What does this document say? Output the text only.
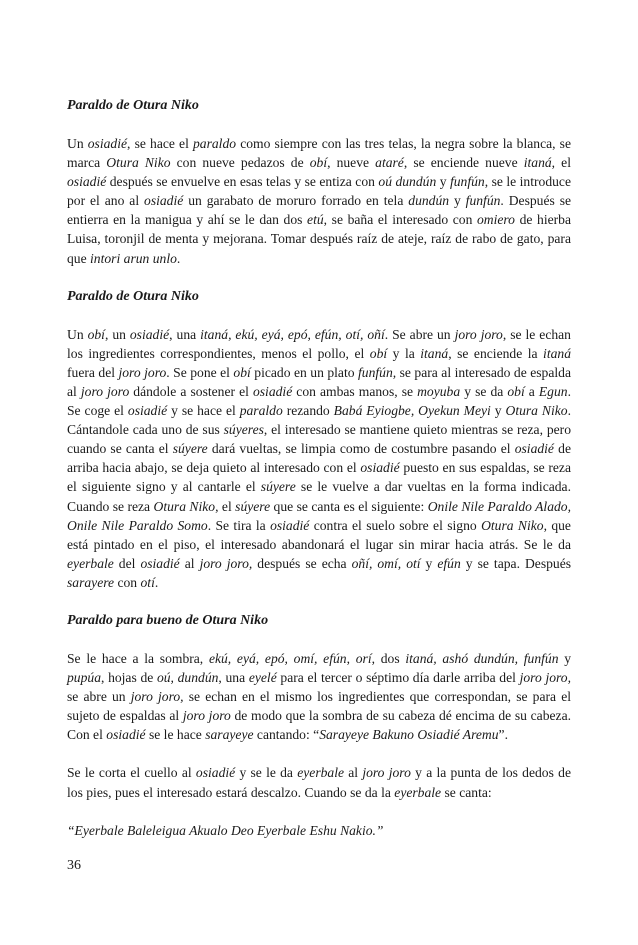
Paraldo de Otura Niko

Un osiadié, se hace el paraldo como siempre con las tres telas, la negra sobre la blanca, se marca Otura Niko con nueve pedazos de obí, nueve ataré, se enciende nueve itaná, el osiadié después se envuelve en esas telas y se entiza con oú dundún y funfún, se le introduce por el ano al osiadié un garabato de moruro forrado en tela dundún y funfún. Después se entierra en la manigua y ahí se le dan dos etú, se baña el interesado con omiero de hierba Luisa, toronjil de menta y mejorana. Tomar después raíz de ateje, raíz de rabo de gato, para que intori arun unlo.

Paraldo de Otura Niko

Un obí, un osiadié, una itaná, ekú, eyá, epó, efún, otí, oñí. Se abre un joro joro, se le echan los ingredientes correspondientes, menos el pollo, el obí y la itaná, se enciende la itaná fuera del joro joro. Se pone el obí picado en un plato funfún, se para al interesado de espalda al joro joro dándole a sostener el osiadié con ambas manos, se moyuba y se da obí a Egun. Se coge el osiadié y se hace el paraldo rezando Babá Eyiogbe, Oyekun Meyi y Otura Niko. Cántandole cada uno de sus súyeres, el interesado se mantiene quieto mientras se reza, pero cuando se canta el súyere dará vueltas, se limpia como de costumbre pasando el osiadié de arriba hacia abajo, se deja quieto al interesado con el osiadié puesto en sus espaldas, se reza el siguiente signo y al cantarle el súyere se le vuelve a dar vueltas en la forma indicada. Cuando se reza Otura Niko, el súyere que se canta es el siguiente: Onile Nile Paraldo Alado, Onile Nile Paraldo Somo. Se tira la osiadié contra el suelo sobre el signo Otura Niko, que está pintado en el piso, el interesado abandonará el lugar sin mirar hacia atrás. Se le da eyerbale del osiadié al joro joro, después se echa oñí, omí, otí y efún y se tapa. Después sarayere con otí.

Paraldo para bueno de Otura Niko

Se le hace a la sombra, ekú, eyá, epó, omí, efún, orí, dos itaná, ashó dundún, funfún y pupúa, hojas de oú, dundún, una eyelé para el tercer o séptimo día darle arriba del joro joro, se abre un joro joro, se echan en el mismo los ingredientes que correspondan, se para el sujeto de espaldas al joro joro de modo que la sombra de su cabeza dé encima de su cabeza. Con el osiadié se le hace sarayeye cantando: “Sarayeye Bakuno Osiadié Aremu”.

Se le corta el cuello al osiadié y se le da eyerbale al joro joro y a la punta de los dedos de los pies, pues el interesado estará descalzo. Cuando se da la eyerbale se canta:

“Eyerbale Baleleigua Akualo Deo Eyerbale Eshu Nakio.”

36
